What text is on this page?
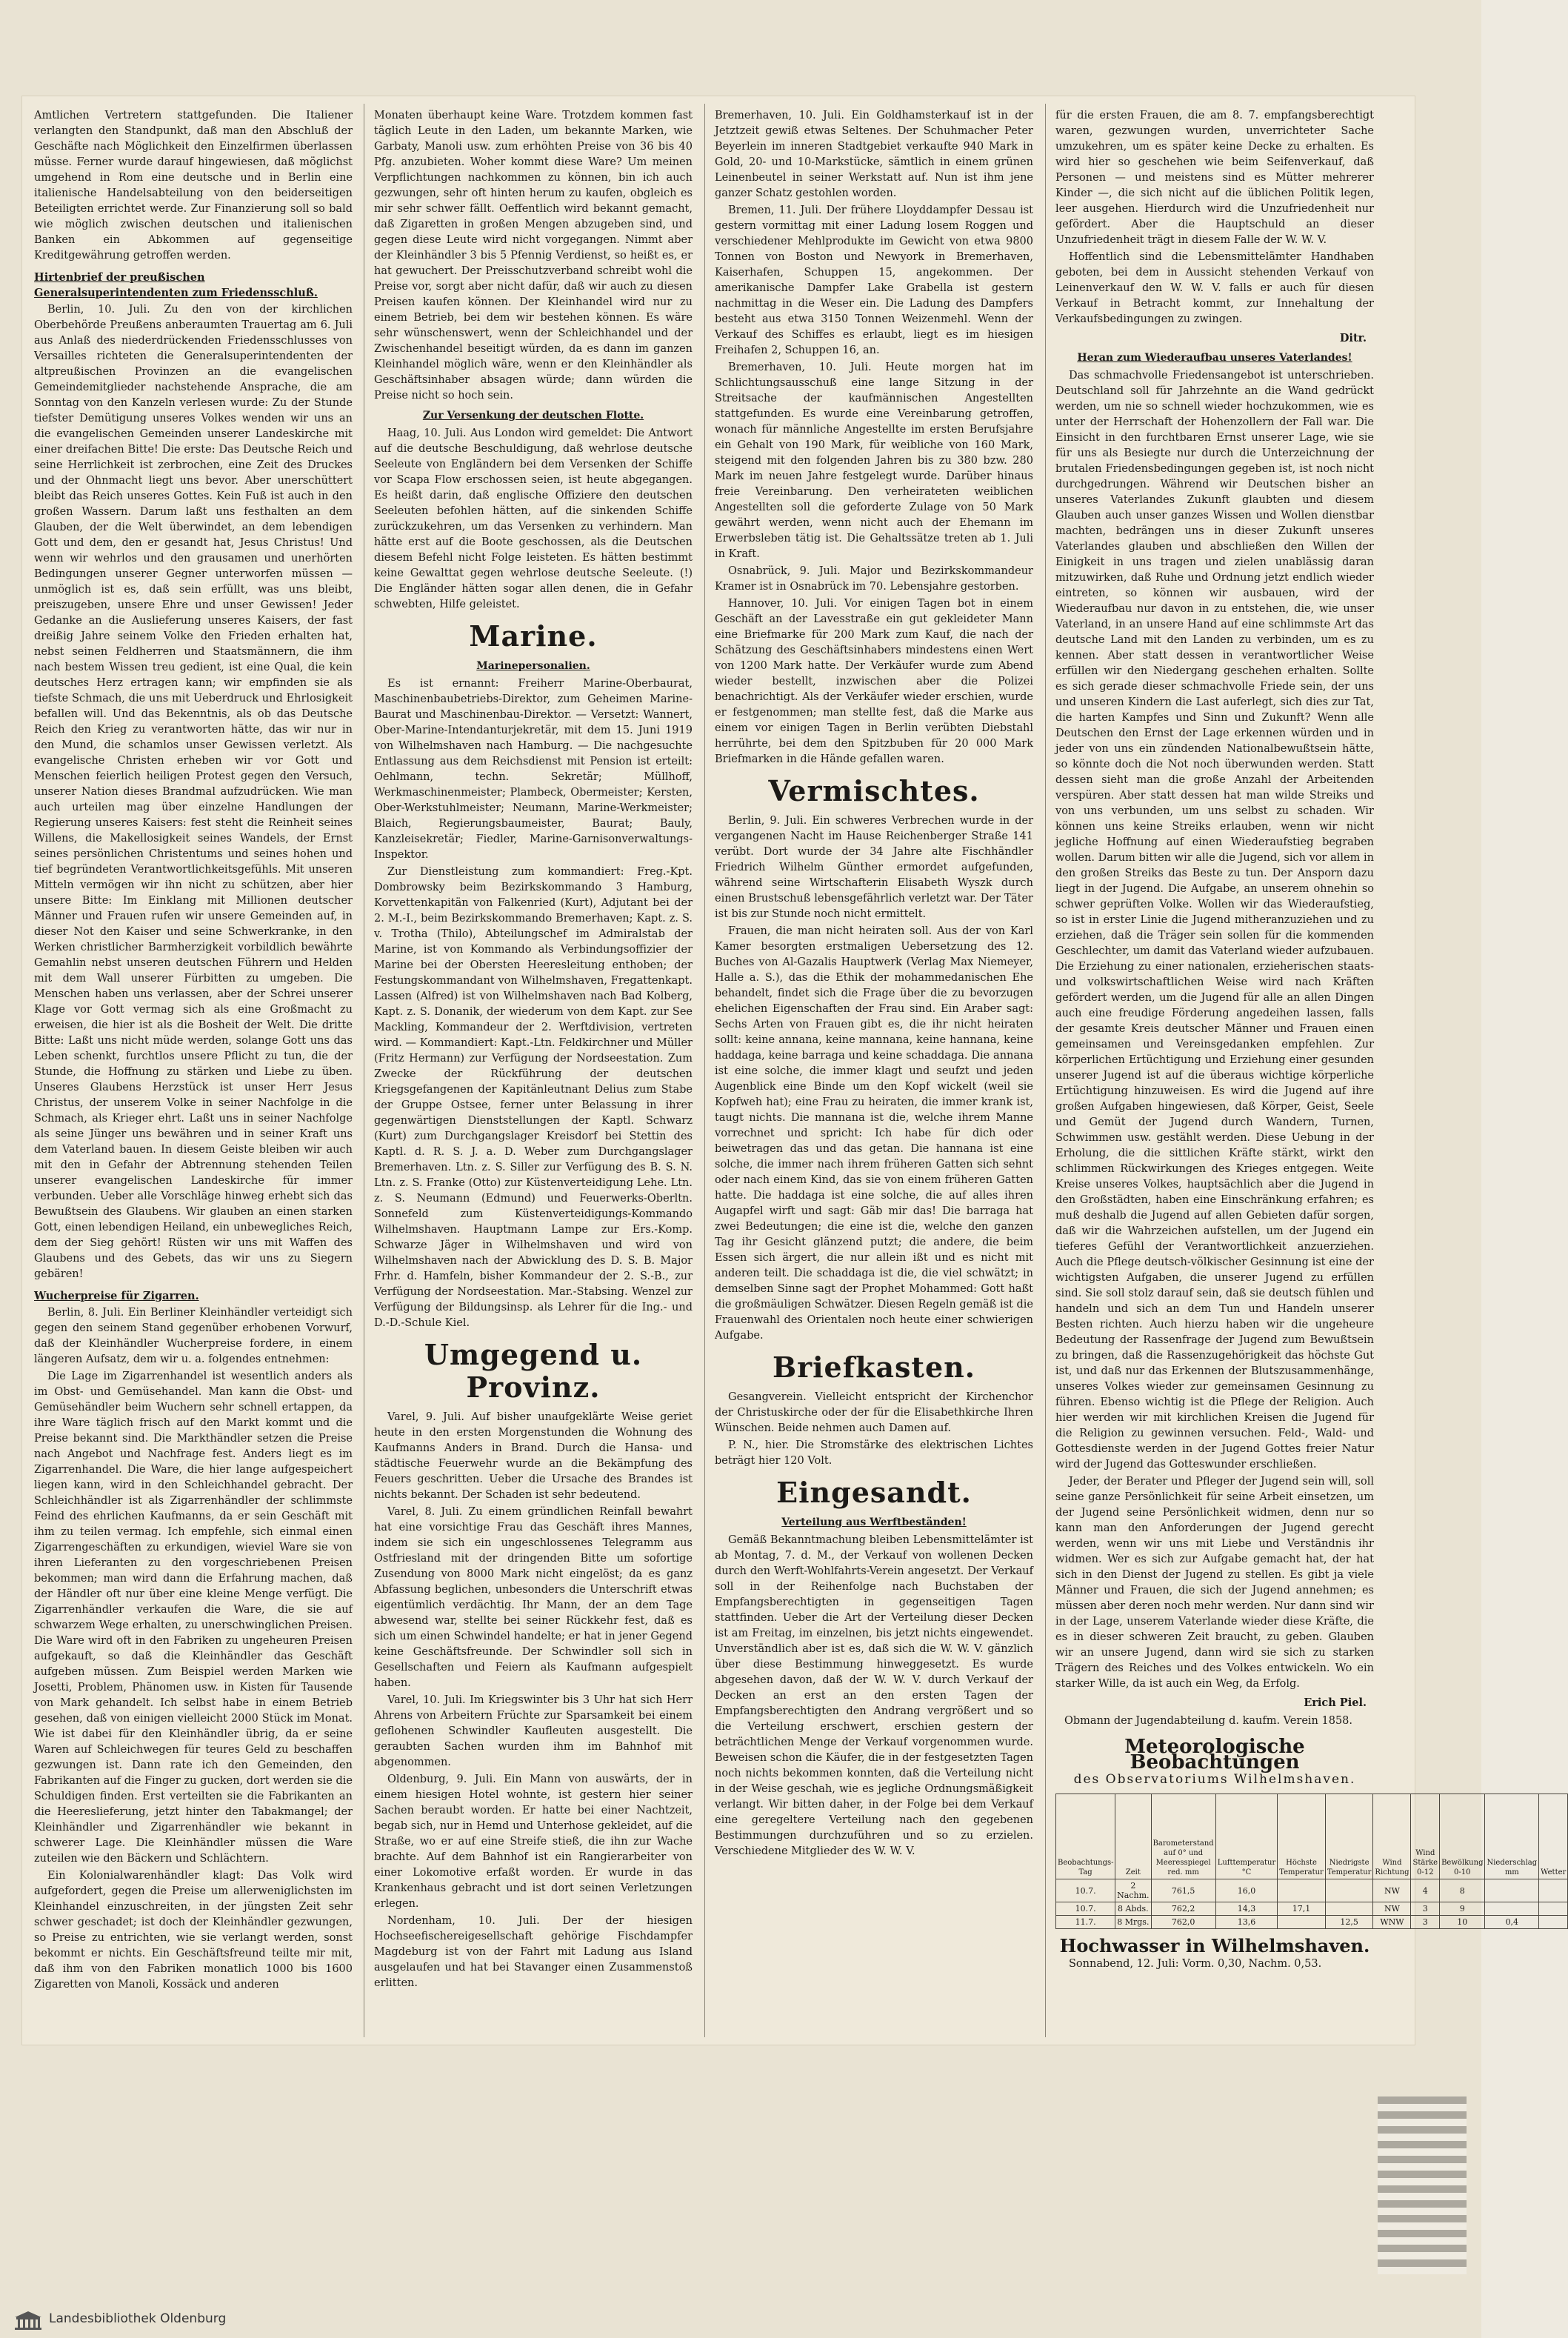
Amtlichen Vertretern stattgefunden. Die Italiener verlangten den Standpunkt, daß man den Abschluß der Geschäfte nach Möglichkeit den Einzelfirmen überlassen müsse. Ferner wurde darauf hingewiesen, daß möglichst umgehend in Rom eine deutsche und in Berlin eine italienische Handelsabteilung von den beiderseitigen Beteiligten errichtet werde. Zur Finanzierung soll so bald wie möglich zwischen deutschen und italienischen Banken ein Abkommen auf gegenseitige Kreditgewährung getroffen werden.

Hirtenbrief der preußischen Generalsuperintendenten zum Friedensschluß.

Berlin, 10. Juli. Zu den von der kirchlichen Oberbehörde Preußens anberaumten Trauertag am 6. Juli aus Anlaß des niederdrückenden Friedensschlusses von Versailles richteten die Generalsuperintendenten der altpreußischen Provinzen an die evangelischen Gemeindemitglieder nachstehende Ansprache, die am Sonntag von den Kanzeln verlesen wurde: Zu der Stunde tiefster Demütigung unseres Volkes wenden wir uns an die evangelischen Gemeinden unserer Landeskirche mit einer dreifachen Bitte! Die erste: Das Deutsche Reich und seine Herrlichkeit ist zerbrochen, eine Zeit des Druckes und der Ohnmacht liegt uns bevor. Aber unerschüttert bleibt das Reich unseres Gottes. Kein Fuß ist auch in den großen Wassern. Darum laßt uns festhalten an dem Glauben, der die Welt überwindet, an dem lebendigen Gott und dem, den er gesandt hat, Jesus Christus! Und wenn wir wehrlos und den grausamen und unerhörten Bedingungen unserer Gegner unterworfen müssen — unmöglich ist es, daß sein erfüllt, was uns bleibt, preiszugeben, unsere Ehre und unser Gewissen! Jeder Gedanke an die Auslieferung unseres Kaisers, der fast dreißig Jahre seinem Volke den Frieden erhalten hat, nebst seinen Feldherren und Staatsmännern, die ihm nach bestem Wissen treu gedient, ist eine Qual, die kein deutsches Herz ertragen kann; wir empfinden sie als tiefste Schmach, die uns mit Ueberdruck und Ehrlosigkeit befallen will. Und das Bekenntnis, als ob das Deutsche Reich den Krieg zu verantworten hätte, das wir nur in den Mund, die schamlos unser Gewissen verletzt. Als evangelische Christen erheben wir vor Gott und Menschen feierlich heiligen Protest gegen den Versuch, unserer Nation dieses Brandmal aufzudrücken. Wie man auch urteilen mag über einzelne Handlungen der Regierung unseres Kaisers: fest steht die Reinheit seines Willens, die Makellosigkeit seines Wandels, der Ernst seines persönlichen Christentums und seines hohen und tief begründeten Verantwortlichkeitsgefühls. Mit unseren Mitteln vermögen wir ihn nicht zu schützen, aber hier unsere Bitte: Im Einklang mit Millionen deutscher Männer und Frauen rufen wir unsere Gemeinden auf, in dieser Not den Kaiser und seine Schwerkranke, in den Werken christlicher Barmherzigkeit vorbildlich bewährte Gemahlin nebst unseren deutschen Führern und Helden mit dem Wall unserer Fürbitten zu umgeben. Die Menschen haben uns verlassen, aber der Schrei unserer Klage vor Gott vermag sich als eine Großmacht zu erweisen, die hier ist als die Bosheit der Welt. Die dritte Bitte: Laßt uns nicht müde werden, solange Gott uns das Leben schenkt, furchtlos unsere Pflicht zu tun, die der Stunde, die Hoffnung zu stärken und Liebe zu üben. Unseres Glaubens Herzstück ist unser Herr Jesus Christus, der unserem Volke in seiner Nachfolge in die Schmach, als Krieger ehrt. Laßt uns in seiner Nachfolge als seine Jünger uns bewähren und in seiner Kraft uns dem Vaterland bauen. In diesem Geiste bleiben wir auch mit den in Gefahr der Abtrennung stehenden Teilen unserer evangelischen Landeskirche für immer verbunden. Ueber alle Vorschläge hinweg erhebt sich das Bewußtsein des Glaubens. Wir glauben an einen starken Gott, einen lebendigen Heiland, ein unbewegliches Reich, dem der Sieg gehört! Rüsten wir uns mit Waffen des Glaubens und des Gebets, das wir uns zu Siegern gebären!

Wucherpreise für Zigarren.

Berlin, 8. Juli. Ein Berliner Kleinhändler verteidigt sich gegen den seinem Stand gegenüber erhobenen Vorwurf, daß der Kleinhändler Wucherpreise fordere, in einem längeren Aufsatz, dem wir u. a. folgendes entnehmen:

Die Lage im Zigarrenhandel ist wesentlich anders als im Obst- und Gemüsehandel. Man kann die Obst- und Gemüsehändler beim Wuchern sehr schnell ertappen, da ihre Ware täglich frisch auf den Markt kommt und die Preise bekannt sind. Die Markthändler setzen die Preise nach Angebot und Nachfrage fest. Anders liegt es im Zigarrenhandel. Die Ware, die hier lange aufgespeichert liegen kann, wird in den Schleichhandel gebracht. Der Schleichhändler ist als Zigarrenhändler der schlimmste Feind des ehrlichen Kaufmanns, da er sein Geschäft mit ihm zu teilen vermag. Ich empfehle, sich einmal einen Zigarrengeschäften zu erkundigen, wieviel Ware sie von ihren Lieferanten zu den vorgeschriebenen Preisen bekommen; man wird dann die Erfahrung machen, daß der Händler oft nur über eine kleine Menge verfügt. Die Zigarrenhändler verkaufen die Ware, die sie auf schwarzem Wege erhalten, zu unerschwinglichen Preisen. Die Ware wird oft in den Fabriken zu ungeheuren Preisen aufgekauft, so daß die Kleinhändler das Geschäft aufgeben müssen. Zum Beispiel werden Marken wie Josetti, Problem, Phänomen usw. in Kisten für Tausende von Mark gehandelt. Ich selbst habe in einem Betrieb gesehen, daß von einigen vielleicht 2000 Stück im Monat. Wie ist dabei für den Kleinhändler übrig, da er seine Waren auf Schleichwegen für teures Geld zu beschaffen gezwungen ist. Dann rate ich den Gemeinden, den Fabrikanten auf die Finger zu gucken, dort werden sie die Schuldigen finden. Erst verteilten sie die Fabrikanten an die Heereslieferung, jetzt hinter den Tabakmangel; der Kleinhändler und Zigarrenhändler wie bekannt in schwerer Lage. Die Kleinhändler müssen die Ware zuteilen wie den Bäckern und Schlächtern.

Ein Kolonialwarenhändler klagt: Das Volk wird aufgefordert, gegen die Preise um allerweniglichsten im Kleinhandel einzuschreiten, in der jüngsten Zeit sehr schwer geschadet; ist doch der Kleinhändler gezwungen, so Preise zu entrichten, wie sie verlangt werden, sonst bekommt er nichts. Ein Geschäftsfreund teilte mir mit, daß ihm von den Fabriken monatlich 1000 bis 1600 Zigaretten von Manoli, Kossäck und anderen

Monaten überhaupt keine Ware. Trotzdem kommen fast täglich Leute in den Laden, um bekannte Marken, wie Garbaty, Manoli usw. zum erhöhten Preise von 36 bis 40 Pfg. anzubieten. Woher kommt diese Ware? Um meinen Verpflichtungen nachkommen zu können, bin ich auch gezwungen, sehr oft hinten herum zu kaufen, obgleich es mir sehr schwer fällt. Oeffentlich wird bekannt gemacht, daß Zigaretten in großen Mengen abzugeben sind, und gegen diese Leute wird nicht vorgegangen. Nimmt aber der Kleinhändler 3 bis 5 Pfennig Verdienst, so heißt es, er hat gewuchert. Der Preisschutzverband schreibt wohl die Preise vor, sorgt aber nicht dafür, daß wir auch zu diesen Preisen kaufen können. Der Kleinhandel wird nur zu einem Betrieb, bei dem wir bestehen können. Es wäre sehr wünschenswert, wenn der Schleichhandel und der Zwischenhandel beseitigt würden, da es dann im ganzen Kleinhandel möglich wäre, wenn er den Kleinhändler als Geschäftsinhaber absagen würde; dann würden die Preise nicht so hoch sein.

Zur Versenkung der deutschen Flotte.

Haag, 10. Juli. Aus London wird gemeldet: Die Antwort auf die deutsche Beschuldigung, daß wehrlose deutsche Seeleute von Engländern bei dem Versenken der Schiffe vor Scapa Flow erschossen seien, ist heute abgegangen. Es heißt darin, daß englische Offiziere den deutschen Seeleuten befohlen hätten, auf die sinkenden Schiffe zurückzukehren, um das Versenken zu verhindern. Man hätte erst auf die Boote geschossen, als die Deutschen diesem Befehl nicht Folge leisteten. Es hätten bestimmt keine Gewalttat gegen wehrlose deutsche Seeleute. (!) Die Engländer hätten sogar allen denen, die in Gefahr schwebten, Hilfe geleistet.

Marine.
Marinepersonalien.

Es ist ernannt: Freiherr Marine-Oberbaurat, Maschinenbaubetriebs-Direktor, zum Geheimen Marine-Baurat und Maschinenbau-Direktor. — Versetzt: Wannert, Ober-Marine-Intendanturjekretär, mit dem 15. Juni 1919 von Wilhelmshaven nach Hamburg. — Die nachgesuchte Entlassung aus dem Reichsdienst mit Pension ist erteilt: Oehlmann, techn. Sekretär; Müllhoff, Werkmaschinenmeister; Plambeck, Obermeister; Kersten, Ober-Werkstuhlmeister; Neumann, Marine-Werkmeister; Blaich, Regierungsbaumeister, Baurat; Bauly, Kanzleisekretär; Fiedler, Marine-Garnisonverwaltungs-Inspektor.

Zur Dienstleistung zum kommandiert: Freg.-Kpt. Dombrowsky beim Bezirkskommando 3 Hamburg, Korvettenkapitän von Falkenried (Kurt), Adjutant bei der 2. M.-I., beim Bezirkskommando Bremerhaven; Kapt. z. S. v. Trotha (Thilo), Abteilungschef im Admiralstab der Marine, ist von Kommando als Verbindungsoffizier der Marine bei der Obersten Heeresleitung enthoben; der Festungskommandant von Wilhelmshaven, Fregattenkapt. Lassen (Alfred) ist von Wilhelmshaven nach Bad Kolberg, Kapt. z. S. Donanik, der wiederum von dem Kapt. zur See Mackling, Kommandeur der 2. Werftdivision, vertreten wird. — Kommandiert: Kapt.-Ltn. Feldkirchner und Müller (Fritz Hermann) zur Verfügung der Nordseestation. Zum Zwecke der Rückführung der deutschen Kriegsgefangenen der Kapitänleutnant Delius zum Stabe der Gruppe Ostsee, ferner unter Belassung in ihrer gegenwärtigen Dienststellungen der Kaptl. Schwarz (Kurt) zum Durchgangslager Kreisdorf bei Stettin des Kaptl. d. R. S. J. a. D. Weber zum Durchgangslager Bremerhaven. Ltn. z. S. Siller zur Verfügung des B. S. N. Ltn. z. S. Franke (Otto) zur Küstenverteidigung Lehe. Ltn. z. S. Neumann (Edmund) und Feuerwerks-Oberltn. Sonnefeld zum Küstenverteidigungs-Kommando Wilhelmshaven. Hauptmann Lampe zur Ers.-Komp. Schwarze Jäger in Wilhelmshaven und wird von Wilhelmshaven nach der Abwicklung des D. S. B. Major Frhr. d. Hamfeln, bisher Kommandeur der 2. S.-B., zur Verfügung der Nordseestation. Mar.-Stabsing. Wenzel zur Verfügung der Bildungsinsp. als Lehrer für die Ing.- und D.-D.-Schule Kiel.

Umgegend u. Provinz.

Varel, 9. Juli. Auf bisher unaufgeklärte Weise geriet heute in den ersten Morgenstunden die Wohnung des Kaufmanns Anders in Brand. Durch die Hansa- und städtische Feuerwehr wurde an die Bekämpfung des Feuers geschritten. Ueber die Ursache des Brandes ist nichts bekannt. Der Schaden ist sehr bedeutend.

Varel, 8. Juli. Zu einem gründlichen Reinfall bewahrt hat eine vorsichtige Frau das Geschäft ihres Mannes, indem sie sich ein ungeschlossenes Telegramm aus Ostfriesland mit der dringenden Bitte um sofortige Zusendung von 8000 Mark nicht eingelöst; da es ganz Abfassung beglichen, unbesonders die Unterschrift etwas eigentümlich verdächtig. Ihr Mann, der an dem Tage abwesend war, stellte bei seiner Rückkehr fest, daß es sich um einen Schwindel handelte; er hat in jener Gegend keine Geschäftsfreunde. Der Schwindler soll sich in Gesellschaften und Feiern als Kaufmann aufgespielt haben.

Varel, 10. Juli. Im Kriegswinter bis 3 Uhr hat sich Herr Ahrens von Arbeitern Früchte zur Sparsamkeit bei einem geflohenen Schwindler Kaufleuten ausgestellt. Die geraubten Sachen wurden ihm im Bahnhof mit abgenommen.

Oldenburg, 9. Juli. Ein Mann von auswärts, der in einem hiesigen Hotel wohnte, ist gestern hier seiner Sachen beraubt worden. Er hatte bei einer Nachtzeit, begab sich, nur in Hemd und Unterhose gekleidet, auf die Straße, wo er auf eine Streife stieß, die ihn zur Wache brachte. Auf dem Bahnhof ist ein Rangierarbeiter von einer Lokomotive erfaßt worden. Er wurde in das Krankenhaus gebracht und ist dort seinen Verletzungen erlegen.

Nordenham, 10. Juli. Der der hiesigen Hochseefischereigesellschaft gehörige Fischdampfer Magdeburg ist von der Fahrt mit Ladung aus Island ausgelaufen und hat bei Stavanger einen Zusammenstoß erlitten.

Bremerhaven, 10. Juli. Ein Goldhamsterkauf ist in der Jetztzeit gewiß etwas Seltenes. Der Schuhmacher Peter Beyerlein im inneren Stadtgebiet verkaufte 940 Mark in Gold, 20- und 10-Markstücke, sämtlich in einem grünen Leinenbeutel in seiner Werkstatt auf. Nun ist ihm jene ganzer Schatz gestohlen worden.

Bremen, 11. Juli. Der frühere Lloyddampfer Dessau ist gestern vormittag mit einer Ladung losem Roggen und verschiedener Mehlprodukte im Gewicht von etwa 9800 Tonnen von Boston und Newyork in Bremerhaven, Kaiserhafen, Schuppen 15, angekommen. Der amerikanische Dampfer Lake Grabella ist gestern nachmittag in die Weser ein. Die Ladung des Dampfers besteht aus etwa 3150 Tonnen Weizenmehl. Wenn der Verkauf des Schiffes es erlaubt, liegt es im hiesigen Freihafen 2, Schuppen 16, an.

Bremerhaven, 10. Juli. Heute morgen hat im Schlichtungsausschuß eine lange Sitzung in der Streitsache der kaufmännischen Angestellten stattgefunden. Es wurde eine Vereinbarung getroffen, wonach für männliche Angestellte im ersten Berufsjahre ein Gehalt von 190 Mark, für weibliche von 160 Mark, steigend mit den folgenden Jahren bis zu 380 bzw. 280 Mark im neuen Jahre festgelegt wurde. Darüber hinaus freie Vereinbarung. Den verheirateten weiblichen Angestellten soll die geforderte Zulage von 50 Mark gewährt werden, wenn nicht auch der Ehemann im Erwerbsleben tätig ist. Die Gehaltssätze treten ab 1. Juli in Kraft.

Osnabrück, 9. Juli. Major und Bezirkskommandeur Kramer ist in Osnabrück im 70. Lebensjahre gestorben.

Hannover, 10. Juli. Vor einigen Tagen bot in einem Geschäft an der Lavesstraße ein gut gekleideter Mann eine Briefmarke für 200 Mark zum Kauf, die nach der Schätzung des Geschäftsinhabers mindestens einen Wert von 1200 Mark hatte. Der Verkäufer wurde zum Abend wieder bestellt, inzwischen aber die Polizei benachrichtigt. Als der Verkäufer wieder erschien, wurde er festgenommen; man stellte fest, daß die Marke aus einem vor einigen Tagen in Berlin verübten Diebstahl herrührte, bei dem den Spitzbuben für 20 000 Mark Briefmarken in die Hände gefallen waren.

Vermischtes.

Berlin, 9. Juli. Ein schweres Verbrechen wurde in der vergangenen Nacht im Hause Reichenberger Straße 141 verübt. Dort wurde der 34 Jahre alte Fischhändler Friedrich Wilhelm Günther ermordet aufgefunden, während seine Wirtschafterin Elisabeth Wyszk durch einen Brustschuß lebensgefährlich verletzt war. Der Täter ist bis zur Stunde noch nicht ermittelt.

Frauen, die man nicht heiraten soll. Aus der von Karl Kamer besorgten erstmaligen Uebersetzung des 12. Buches von Al-Gazalis Hauptwerk (Verlag Max Niemeyer, Halle a. S.), das die Ethik der mohammedanischen Ehe behandelt, findet sich die Frage über die zu bevorzugen ehelichen Eigenschaften der Frau sind. Ein Araber sagt: Sechs Arten von Frauen gibt es, die ihr nicht heiraten sollt: keine annana, keine mannana, keine hannana, keine haddaga, keine barraga und keine schaddaga. Die annana ist eine solche, die immer klagt und seufzt und jeden Augenblick eine Binde um den Kopf wickelt (weil sie Kopfweh hat); eine Frau zu heiraten, die immer krank ist, taugt nichts. Die mannana ist die, welche ihrem Manne vorrechnet und spricht: Ich habe für dich oder beiwetragen das und das getan. Die hannana ist eine solche, die immer nach ihrem früheren Gatten sich sehnt oder nach einem Kind, das sie von einem früheren Gatten hatte. Die haddaga ist eine solche, die auf alles ihren Augapfel wirft und sagt: Gäb mir das! Die barraga hat zwei Bedeutungen; die eine ist die, welche den ganzen Tag ihr Gesicht glänzend putzt; die andere, die beim Essen sich ärgert, die nur allein ißt und es nicht mit anderen teilt. Die schaddaga ist die, die viel schwätzt; in demselben Sinne sagt der Prophet Mohammed: Gott haßt die großmäuligen Schwätzer. Diesen Regeln gemäß ist die Frauenwahl des Orientalen noch heute einer schwierigen Aufgabe.

Briefkasten.

Gesangverein. Vielleicht entspricht der Kirchenchor der Christuskirche oder der für die Elisabethkirche Ihren Wünschen. Beide nehmen auch Damen auf.

P. N., hier. Die Stromstärke des elektrischen Lichtes beträgt hier 120 Volt.

Eingesandt.
Verteilung aus Werftbeständen!

Gemäß Bekanntmachung bleiben Lebensmittelämter ist ab Montag, 7. d. M., der Verkauf von wollenen Decken durch den Werft-Wohlfahrts-Verein angesetzt. Der Verkauf soll in der Reihenfolge nach Buchstaben der Empfangsberechtigten in gegenseitigen Tagen stattfinden. Ueber die Art der Verteilung dieser Decken ist am Freitag, im einzelnen, bis jetzt nichts eingewendet. Unverständlich aber ist es, daß sich die W. W. V. gänzlich über diese Bestimmung hinweggesetzt. Es wurde abgesehen davon, daß der W. W. V. durch Verkauf der Decken an erst an den ersten Tagen der Empfangsberechtigten den Andrang vergrößert und so die Verteilung erschwert, erschien gestern der beträchtlichen Menge der Verkauf vorgenommen wurde. Beweisen schon die Käufer, die in der festgesetzten Tagen noch nichts bekommen konnten, daß die Verteilung nicht in der Weise geschah, wie es jegliche Ordnungsmäßigkeit verlangt. Wir bitten daher, in der Folge bei dem Verkauf eine geregeltere Verteilung nach den gegebenen Bestimmungen durchzuführen und so zu erzielen. Verschiedene Mitglieder des W. W. V.

für die ersten Frauen, die am 8. 7. empfangsberechtigt waren, gezwungen wurden, unverrichteter Sache umzukehren, um es später keine Decke zu erhalten. Es wird hier so geschehen wie beim Seifenverkauf, daß Personen — und meistens sind es Mütter mehrerer Kinder —, die sich nicht auf die üblichen Politik legen, leer ausgehen. Hierdurch wird die Unzufriedenheit nur gefördert. Aber die Hauptschuld an dieser Unzufriedenheit trägt in diesem Falle der W. W. V.

Hoffentlich sind die Lebensmittelämter Handhaben geboten, bei dem in Aussicht stehenden Verkauf von Leinenverkauf den W. W. V. falls er auch für diesen Verkauf in Betracht kommt, zur Innehaltung der Verkaufsbedingungen zu zwingen.

Ditr.

Heran zum Wiederaufbau unseres Vaterlandes!

Das schmachvolle Friedensangebot ist unterschrieben. Deutschland soll für Jahrzehnte an die Wand gedrückt werden, um nie so schnell wieder hochzukommen, wie es unter der Herrschaft der Hohenzollern der Fall war. Die Einsicht in den furchtbaren Ernst unserer Lage, wie sie für uns als Besiegte nur durch die Unterzeichnung der brutalen Friedensbedingungen gegeben ist, ist noch nicht durchgedrungen. Während wir Deutschen bisher an unseres Vaterlandes Zukunft glaubten und diesem Glauben auch unser ganzes Wissen und Wollen dienstbar machten, bedrängen uns in dieser Zukunft unseres Vaterlandes glauben und abschließen den Willen der Einigkeit in uns tragen und zielen unablässig daran mitzuwirken, daß Ruhe und Ordnung jetzt endlich wieder eintreten, so können wir ausbauen, wird der Wiederaufbau nur davon in zu entstehen, die, wie unser Vaterland, in an unsere Hand auf eine schlimmste Art das deutsche Land mit den Landen zu verbinden, um es zu kennen. Aber statt dessen in verantwortlicher Weise erfüllen wir den Niedergang geschehen erhalten. Sollte es sich gerade dieser schmachvolle Friede sein, der uns und unseren Kindern die Last auferlegt, sich dies zur Tat, die harten Kampfes und Sinn und Zukunft? Wenn alle Deutschen den Ernst der Lage erkennen würden und in jeder von uns ein zündenden Nationalbewußtsein hätte, so könnte doch die Not noch überwunden werden. Statt dessen sieht man die große Anzahl der Arbeitenden verspüren. Aber statt dessen hat man wilde Streiks und von uns verbunden, um uns selbst zu schaden. Wir können uns keine Streiks erlauben, wenn wir nicht jegliche Hoffnung auf einen Wiederaufstieg begraben wollen. Darum bitten wir alle die Jugend, sich vor allem in den großen Streiks das Beste zu tun. Der Ansporn dazu liegt in der Jugend. Die Aufgabe, an unserem ohnehin so schwer geprüften Volke. Wollen wir das Wiederaufstieg, so ist in erster Linie die Jugend mitheranzuziehen und zu erziehen, daß die Träger sein sollen für die kommenden Geschlechter, um damit das Vaterland wieder aufzubauen. Die Erziehung zu einer nationalen, erzieherischen staats- und volkswirtschaftlichen Weise wird nach Kräften gefördert werden, um die Jugend für alle an allen Dingen auch eine freudige Förderung angedeihen lassen, falls der gesamte Kreis deutscher Männer und Frauen einen gemeinsamen und Vereinsgedanken empfehlen. Zur körperlichen Ertüchtigung und Erziehung einer gesunden unserer Jugend ist auf die überaus wichtige körperliche Ertüchtigung hinzuweisen. Es wird die Jugend auf ihre großen Aufgaben hingewiesen, daß Körper, Geist, Seele und Gemüt der Jugend durch Wandern, Turnen, Schwimmen usw. gestählt werden. Diese Uebung in der Erholung, die die sittlichen Kräfte stärkt, wirkt den schlimmen Rückwirkungen des Krieges entgegen. Weite Kreise unseres Volkes, hauptsächlich aber die Jugend in den Großstädten, haben eine Einschränkung erfahren; es muß deshalb die Jugend auf allen Gebieten dafür sorgen, daß wir die Wahrzeichen aufstellen, um der Jugend ein tieferes Gefühl der Verantwortlichkeit anzuerziehen. Auch die Pflege deutsch-völkischer Gesinnung ist eine der wichtigsten Aufgaben, die unserer Jugend zu erfüllen sind. Sie soll stolz darauf sein, daß sie deutsch fühlen und handeln und sich an dem Tun und Handeln unserer Besten richten. Auch hierzu haben wir die ungeheure Bedeutung der Rassenfrage der Jugend zum Bewußtsein zu bringen, daß die Rassenzugehörigkeit das höchste Gut ist, und daß nur das Erkennen der Blutszusammenhänge, unseres Volkes wieder zur gemeinsamen Gesinnung zu führen. Ebenso wichtig ist die Pflege der Religion. Auch hier werden wir mit kirchlichen Kreisen die Jugend für die Religion zu gewinnen versuchen. Feld-, Wald- und Gottesdienste werden in der Jugend Gottes freier Natur wird der Jugend das Gotteswunder erschließen.

Jeder, der Berater und Pfleger der Jugend sein will, soll seine ganze Persönlichkeit für seine Arbeit einsetzen, um der Jugend seine Persönlichkeit widmen, denn nur so kann man den Anforderungen der Jugend gerecht werden, wenn wir uns mit Liebe und Verständnis ihr widmen. Wer es sich zur Aufgabe gemacht hat, der hat sich in den Dienst der Jugend zu stellen. Es gibt ja viele Männer und Frauen, die sich der Jugend annehmen; es müssen aber deren noch mehr werden. Nur dann sind wir in der Lage, unserem Vaterlande wieder diese Kräfte, die es in dieser schweren Zeit braucht, zu geben. Glauben wir an unsere Jugend, dann wird sie sich zu starken Trägern des Reiches und des Volkes entwickeln. Wo ein starker Wille, da ist auch ein Weg, da Erfolg.

Erich Piel.

Obmann der Jugendabteilung d. kaufm. Verein 1858.

Meteorologische Beobachtungen
des Observatoriums Wilhelmshaven.
Beobachtungs-Tag	Zeit	Barometerstand auf 0° und Meeresspiegel red. mm	Lufttemperatur °C	Höchste Temperatur	Niedrigste Temperatur	Wind Richtung	Wind Stärke 0-12	Bewölkung 0-10	Niederschlag mm	Wetter
10.7.	2 Nachm.	761,5	16,0			NW	4	8		
10.7.	8 Abds.	762,2	14,3	17,1		NW	3	9		
11.7.	8 Mrgs.	762,0	13,6		12,5	WNW	3	10	0,4	
Hochwasser in Wilhelmshaven.

Sonnabend, 12. Juli: Vorm. 0,30, Nachm. 0,53.

Landesbibliothek Oldenburg
